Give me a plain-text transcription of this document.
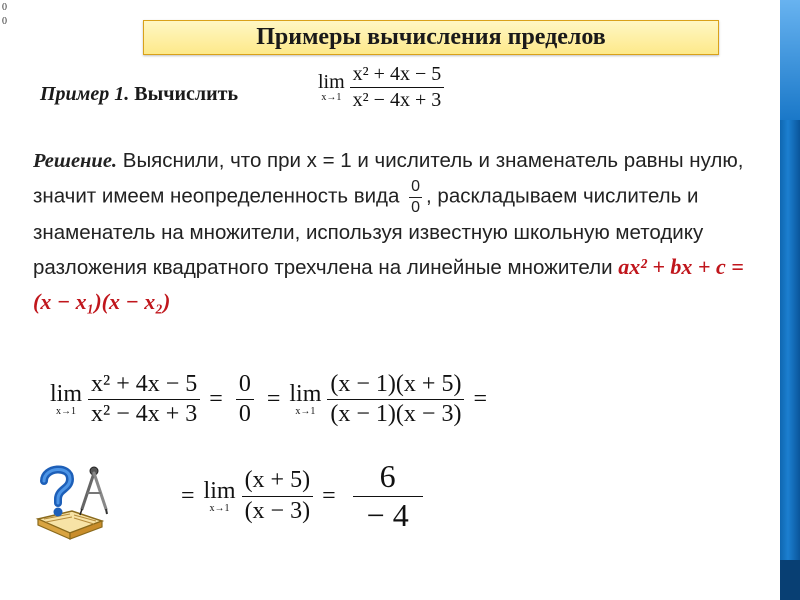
0
0
Примеры вычисления пределов
Пример 1. Вычислить
lim
x→1
$\frac{\text{x² + 4x − 5}}{\text{x² − 4x + 3}}$
Решение. Выяснили, что при х = 1 и числитель и знаменатель равны нулю, значит имеем неопределенность вида $\frac{0}{0}$ , раскладываем числитель и знаменатель на множители, используя известную школьную методику разложения квадратного трехчлена на линейные множители ax² + bx + c = (x − x₁)(x − x₂)
lim
x→1
$\frac{\text{x² + 4x − 5}}{\text{x² − 4x + 3}} = \frac{0}{0} = \lim$
x→1
$\frac{(x - 1)(x + 5)}{(x - 1)(x - 3)}$ =
= lim
x→1
$\frac{(x + 5)}{(x - 3)} = \frac{6}{- 4}$
